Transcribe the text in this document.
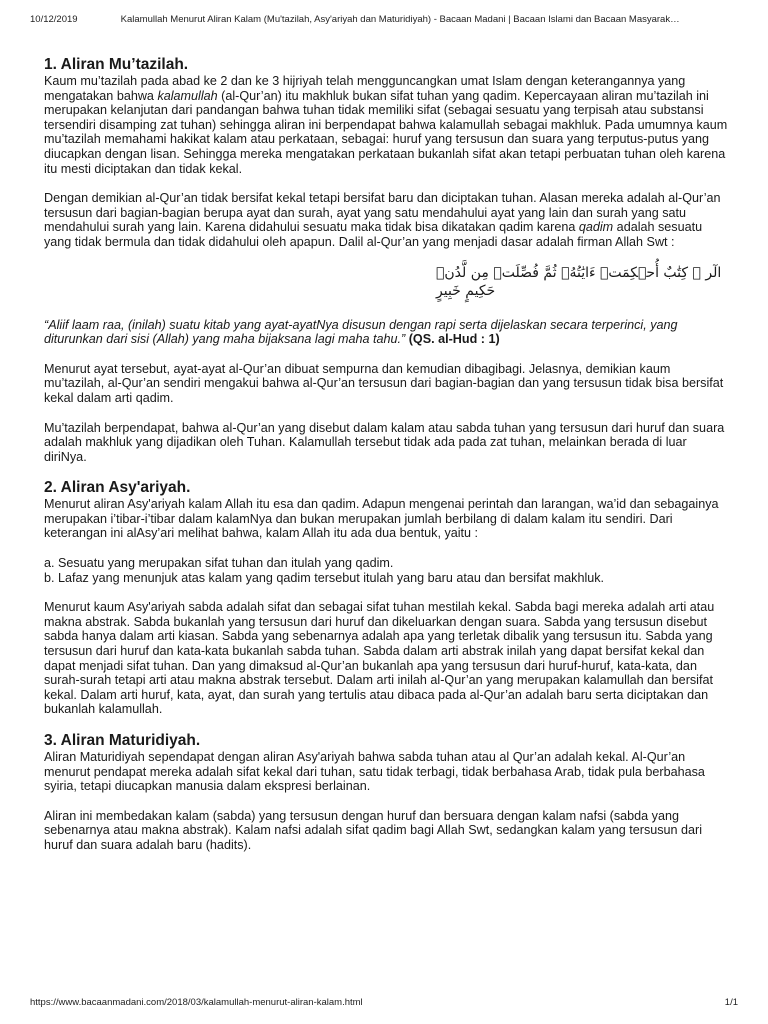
10/12/2019	Kalamullah Menurut Aliran Kalam (Mu'tazilah, Asy'ariyah dan Maturidiyah) - Bacaan Madani | Bacaan Islami dan Bacaan Masyarak…
1. Aliran Mu’tazilah.

Kaum mu’tazilah pada abad ke 2 dan ke 3 hijriyah telah mengguncangkan umat Islam dengan keterangannya yang mengatakan bahwa kalamullah (al-Qur’an) itu makhluk bukan sifat tuhan yang qadim. Kepercayaan aliran mu’tazilah ini merupakan kelanjutan dari pandangan bahwa tuhan tidak memiliki sifat (sebagai sesuatu yang terpisah atau substansi tersendiri disamping zat tuhan) sehingga aliran ini berpendapat bahwa kalamullah sebagai makhluk. Pada umumnya kaum mu’tazilah memahami hakikat kalam atau perkataan, sebagai: huruf yang tersusun dan suara yang terputus-putus yang diucapkan dengan lisan. Sehingga mereka mengatakan perkataan bukanlah sifat akan tetapi perbuatan tuhan oleh karena itu mesti diciptakan dan tidak kekal.

Dengan demikian al-Qur’an tidak bersifat kekal tetapi bersifat baru dan diciptakan tuhan. Alasan mereka adalah al-Qur’an tersusun dari bagian-bagian berupa ayat dan surah, ayat yang satu mendahului ayat yang lain dan surah yang satu mendahului surah yang lain. Karena didahului sesuatu maka tidak bisa dikatakan qadim karena qadim adalah sesuatu yang tidak bermula dan tidak didahului oleh apapun. Dalil al-Qur’an yang menjadi dasar adalah firman Allah Swt :

الٓر ۚ كِتَٰبٌ أُحۡكِمَتۡ ءَايَٰتُهُۥ ثُمَّ فُصِّلَتۡ مِن لَّدُنۡ حَكِيمٍ خَبِيرٍ

“Aliif laam raa, (inilah) suatu kitab yang ayat-ayatNya disusun dengan rapi serta dijelaskan secara terperinci, yang diturunkan dari sisi (Allah) yang maha bijaksana lagi maha tahu.” (QS. al-Hud : 1)

Menurut ayat tersebut, ayat-ayat al-Qur’an dibuat sempurna dan kemudian dibagibagi. Jelasnya, demikian kaum mu’tazilah, al-Qur’an sendiri mengakui bahwa al-Qur’an tersusun dari bagian-bagian dan yang tersusun tidak bisa bersifat kekal dalam arti qadim.

Mu’tazilah berpendapat, bahwa al-Qur’an yang disebut dalam kalam atau sabda tuhan yang tersusun dari huruf dan suara adalah makhluk yang dijadikan oleh Tuhan. Kalamullah tersebut tidak ada pada zat tuhan, melainkan berada di luar diriNya.

2. Aliran Asy'ariyah.

Menurut aliran Asy'ariyah kalam Allah itu esa dan qadim. Adapun mengenai perintah dan larangan, wa’id dan sebagainya merupakan i’tibar-i’tibar dalam kalamNya dan bukan merupakan jumlah berbilang di dalam kalam itu sendiri. Dari keterangan ini alAsy’ari melihat bahwa, kalam Allah itu ada dua bentuk, yaitu :

a. Sesuatu yang merupakan sifat tuhan dan itulah yang qadim.

b. Lafaz yang menunjuk atas kalam yang qadim tersebut itulah yang baru atau dan bersifat makhluk.

Menurut kaum Asy'ariyah sabda adalah sifat dan sebagai sifat tuhan mestilah kekal. Sabda bagi mereka adalah arti atau makna abstrak. Sabda bukanlah yang tersusun dari huruf dan dikeluarkan dengan suara. Sabda yang tersusun disebut sabda hanya dalam arti kiasan. Sabda yang sebenarnya adalah apa yang terletak dibalik yang tersusun itu. Sabda yang tersusun dari huruf dan kata-kata bukanlah sabda tuhan. Sabda dalam arti abstrak inilah yang dapat bersifat kekal dan dapat menjadi sifat tuhan. Dan yang dimaksud al-Qur’an bukanlah apa yang tersusun dari huruf-huruf, kata-kata, dan surah-surah tetapi arti atau makna abstrak tersebut. Dalam arti inilah al-Qur’an yang merupakan kalamullah dan bersifat kekal. Dalam arti huruf, kata, ayat, dan surah yang tertulis atau dibaca pada al-Qur’an adalah baru serta diciptakan dan bukanlah kalamullah.

3. Aliran Maturidiyah.

Aliran Maturidiyah sependapat dengan aliran Asy'ariyah bahwa sabda tuhan atau al Qur’an adalah kekal. Al-Qur’an menurut pendapat mereka adalah sifat kekal dari tuhan, satu tidak terbagi, tidak berbahasa Arab, tidak pula berbahasa syiria, tetapi diucapkan manusia dalam ekspresi berlainan.

Aliran ini membedakan kalam (sabda) yang tersusun dengan huruf dan bersuara dengan kalam nafsi (sabda yang sebenarnya atau makna abstrak). Kalam nafsi adalah sifat qadim bagi Allah Swt, sedangkan kalam yang tersusun dari huruf dan suara adalah baru (hadits).

https://www.bacaanmadani.com/2018/03/kalamullah-menurut-aliran-kalam.html	1/1
